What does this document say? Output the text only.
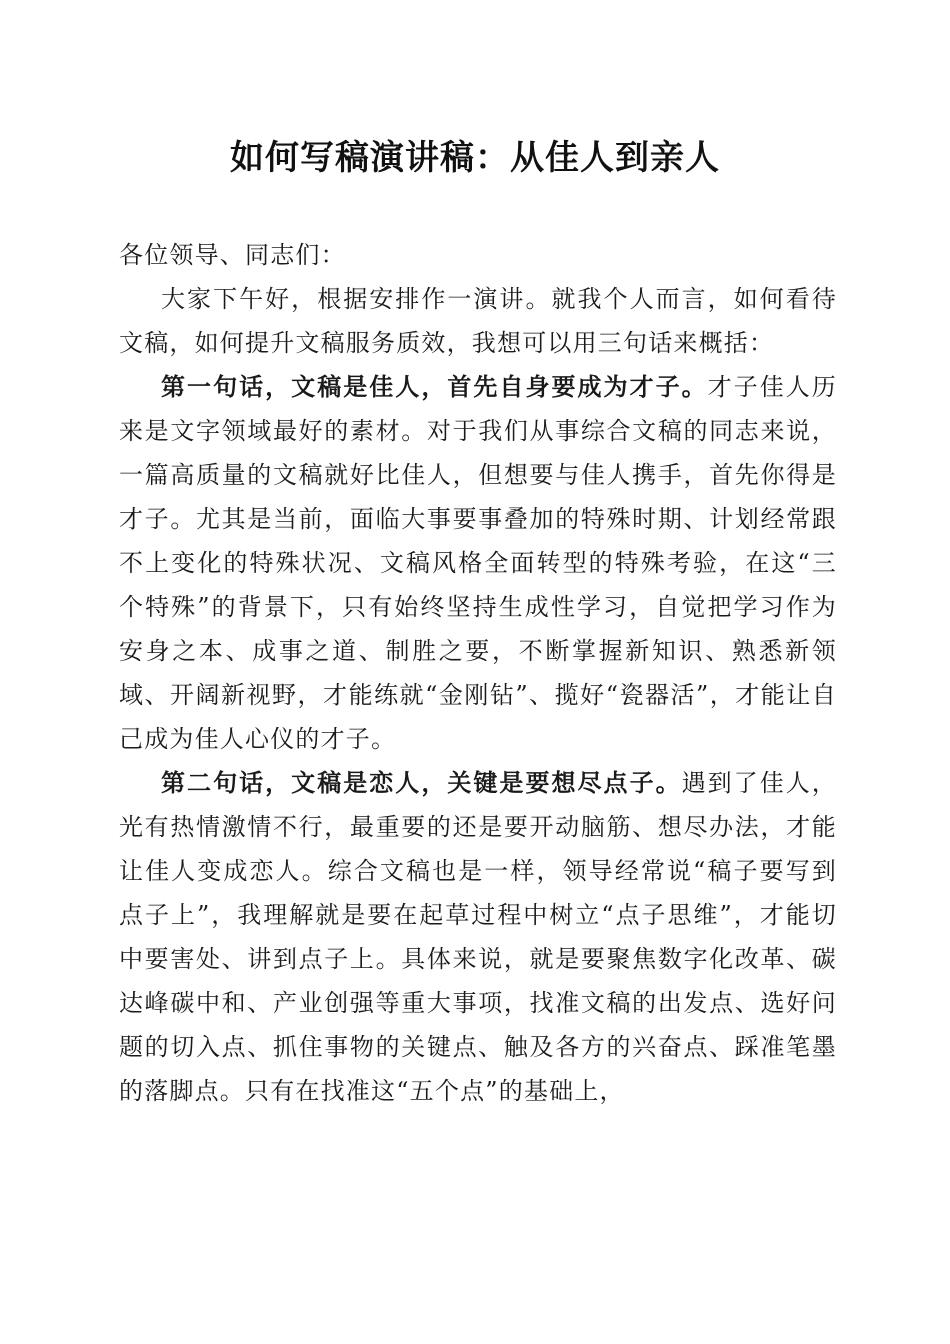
如何写稿演讲稿：从佳人到亲人

各位领导、同志们：

大家下午好，根据安排作一演讲。就我个人而言，如何看待文稿，如何提升文稿服务质效，我想可以用三句话来概括：

第一句话，文稿是佳人，首先自身要成为才子。才子佳人历来是文字领域最好的素材。对于我们从事综合文稿的同志来说，一篇高质量的文稿就好比佳人，但想要与佳人携手，首先你得是才子。尤其是当前，面临大事要事叠加的特殊时期、计划经常跟不上变化的特殊状况、文稿风格全面转型的特殊考验，在这“三个特殊”的背景下，只有始终坚持生成性学习，自觉把学习作为安身之本、成事之道、制胜之要，不断掌握新知识、熟悉新领域、开阔新视野，才能练就“金刚钻”、揽好“瓷器活”，才能让自己成为佳人心仪的才子。

第二句话，文稿是恋人，关键是要想尽点子。遇到了佳人，光有热情激情不行，最重要的还是要开动脑筋、想尽办法，才能让佳人变成恋人。综合文稿也是一样，领导经常说“稿子要写到点子上”，我理解就是要在起草过程中树立“点子思维”，才能切中要害处、讲到点子上。具体来说，就是要聚焦数字化改革、碳达峰碳中和、产业创强等重大事项，找准文稿的出发点、选好问题的切入点、抓住事物的关键点、触及各方的兴奋点、踩准笔墨的落脚点。只有在找准这“五个点”的基础上，
